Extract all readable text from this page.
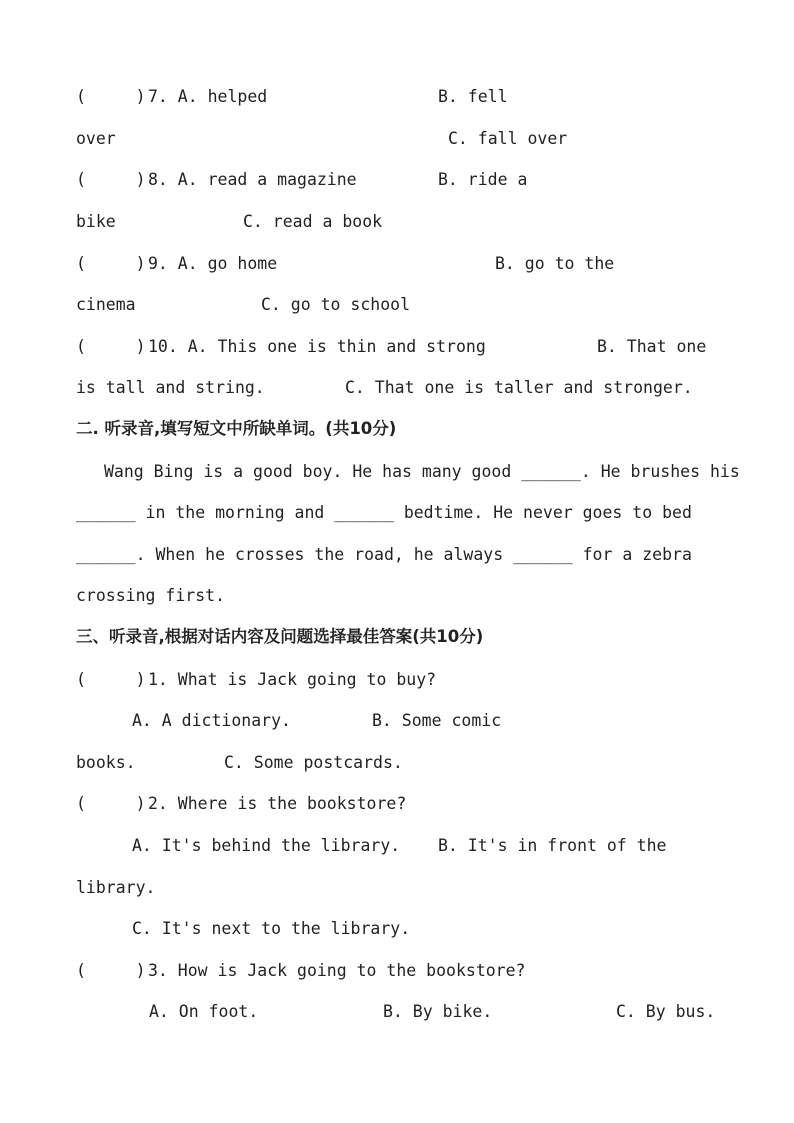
(     ) 7. A. helped	B. fell
over	C. fall over
(     ) 8. A. read a magazine	B. ride a
bike	C. read a book
(     ) 9. A. go home	B. go to the
cinema	C. go to school
(     ) 10. A. This one is thin and strong	B. That one
is tall and string.	C. That one is taller and stronger.
二. 听录音,填写短文中所缺单词。(共10分)
Wang Bing is a good boy. He has many good ______. He brushes his
______ in the morning and ______ bedtime. He never goes to bed
______. When he crosses the road, he always ______ for a zebra
crossing first.
三、听录音,根据对话内容及问题选择最佳答案(共10分)
(     ) 1. What is Jack going to buy?
A. A dictionary.	B. Some comic
books.	C. Some postcards.
(     ) 2. Where is the bookstore?
A. It's behind the library. B. It's in front of the
library.
C. It's next to the library.
(     ) 3. How is Jack going to the bookstore?
A. On foot.	B. By bike.	C. By bus.
